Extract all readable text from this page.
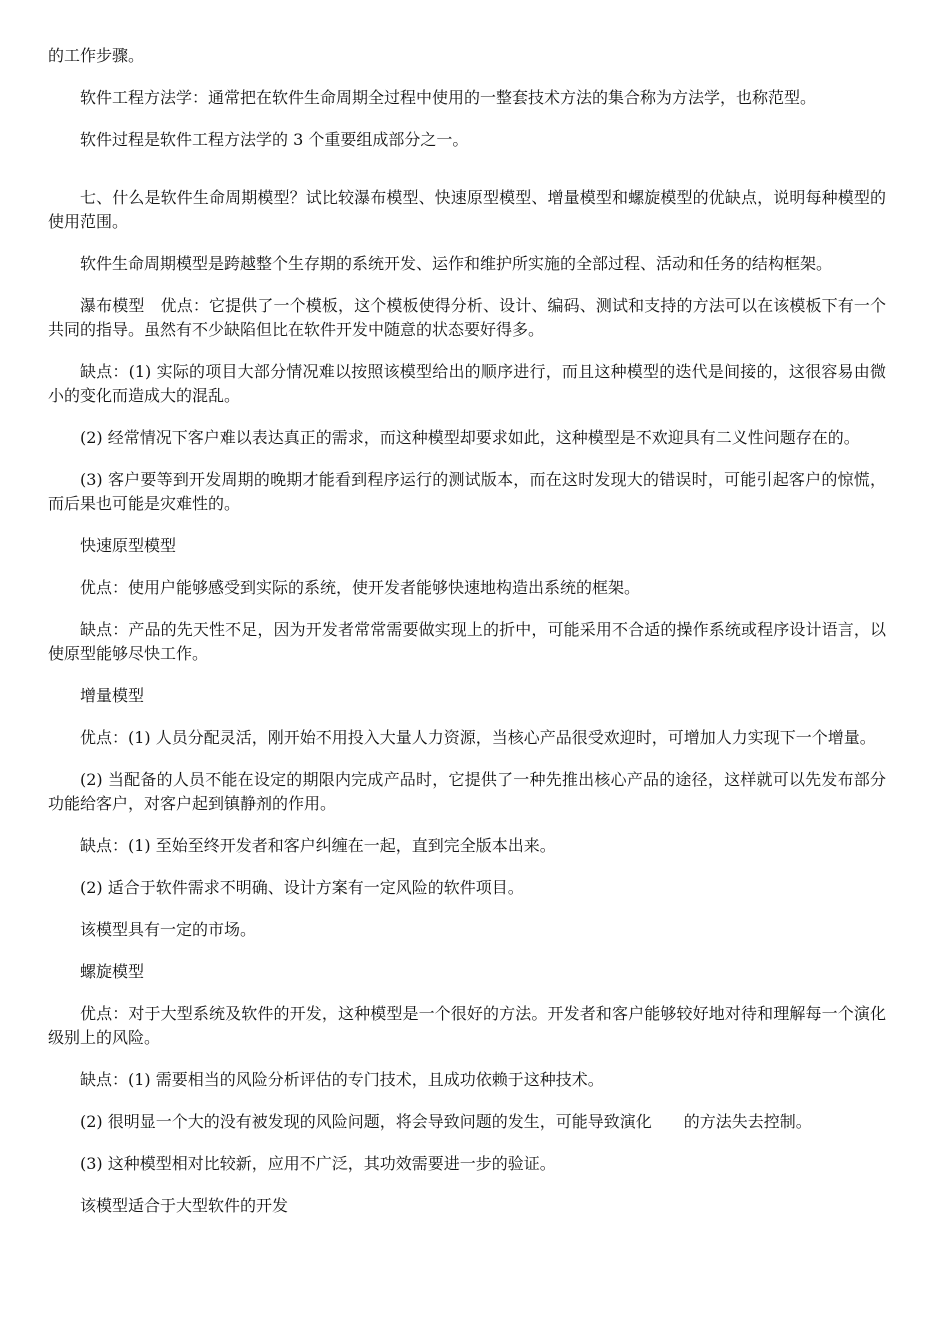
的工作步骤。

软件工程方法学：通常把在软件生命周期全过程中使用的一整套技术方法的集合称为方法学，也称范型。

软件过程是软件工程方法学的 3 个重要组成部分之一。

七、什么是软件生命周期模型？试比较瀑布模型、快速原型模型、增量模型和螺旋模型的优缺点，说明每种模型的使用范围。

软件生命周期模型是跨越整个生存期的系统开发、运作和维护所实施的全部过程、活动和任务的结构框架。

瀑布模型　优点：它提供了一个模板，这个模板使得分析、设计、编码、测试和支持的方法可以在该模板下有一个共同的指导。虽然有不少缺陷但比在软件开发中随意的状态要好得多。

缺点：(1) 实际的项目大部分情况难以按照该模型给出的顺序进行，而且这种模型的迭代是间接的，这很容易由微小的变化而造成大的混乱。

(2) 经常情况下客户难以表达真正的需求，而这种模型却要求如此，这种模型是不欢迎具有二义性问题存在的。

(3) 客户要等到开发周期的晚期才能看到程序运行的测试版本，而在这时发现大的错误时，可能引起客户的惊慌，而后果也可能是灾难性的。

快速原型模型

优点：使用户能够感受到实际的系统，使开发者能够快速地构造出系统的框架。

缺点：产品的先天性不足，因为开发者常常需要做实现上的折中，可能采用不合适的操作系统或程序设计语言，以使原型能够尽快工作。

增量模型

优点：(1) 人员分配灵活，刚开始不用投入大量人力资源，当核心产品很受欢迎时，可增加人力实现下一个增量。

(2) 当配备的人员不能在设定的期限内完成产品时，它提供了一种先推出核心产品的途径，这样就可以先发布部分功能给客户，对客户起到镇静剂的作用。

缺点：(1) 至始至终开发者和客户纠缠在一起，直到完全版本出来。

(2) 适合于软件需求不明确、设计方案有一定风险的软件项目。

该模型具有一定的市场。

螺旋模型

优点：对于大型系统及软件的开发，这种模型是一个很好的方法。开发者和客户能够较好地对待和理解每一个演化级别上的风险。

缺点：(1) 需要相当的风险分析评估的专门技术，且成功依赖于这种技术。

(2) 很明显一个大的没有被发现的风险问题，将会导致问题的发生，可能导致演化　　的方法失去控制。

(3) 这种模型相对比较新，应用不广泛，其功效需要进一步的验证。

该模型适合于大型软件的开发
